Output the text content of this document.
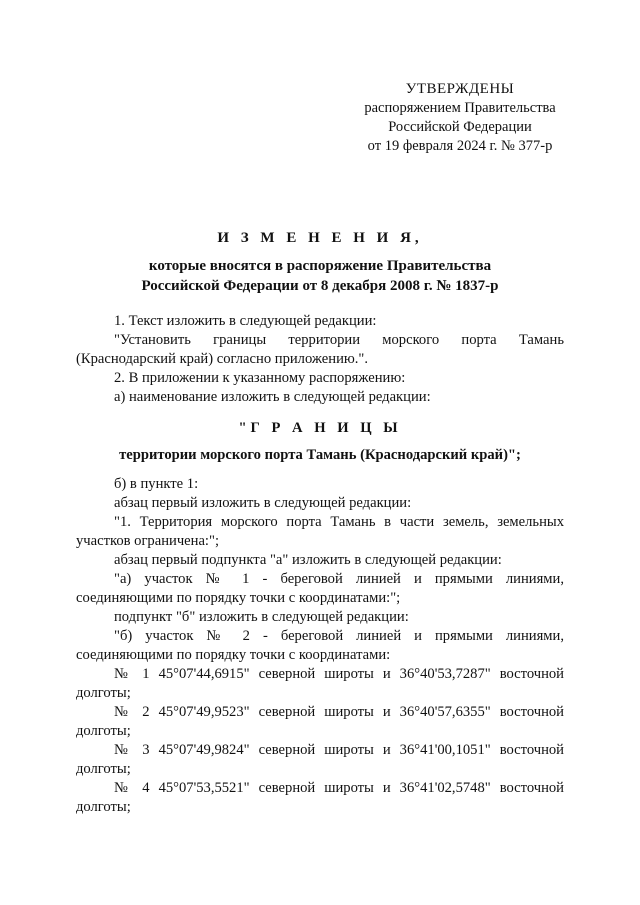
УТВЕРЖДЕНЫ
распоряжением Правительства
Российской Федерации
от 19 февраля 2024 г. № 377-р
И З М Е Н Е Н И Я,
которые вносятся в распоряжение Правительства
Российской Федерации от 8 декабря 2008 г. № 1837-р

1. Текст изложить в следующей редакции:

"Установить границы территории морского порта Тамань (Краснодарский край) согласно приложению.".

2. В приложении к указанному распоряжению:

а) наименование изложить в следующей редакции:

"Г Р А Н И Ц Ы

территории морского порта Тамань (Краснодарский край)";

б) в пункте 1:

абзац первый изложить в следующей редакции:

"1. Территория морского порта Тамань в части земель, земельных участков ограничена:";

абзац первый подпункта "а" изложить в следующей редакции:

"а) участок № 1 - береговой линией и прямыми линиями, соединяющими по порядку точки с координатами:";

подпункт "б" изложить в следующей редакции:

"б) участок № 2 - береговой линией и прямыми линиями, соединяющими по порядку точки с координатами:

№ 1 45°07'44,6915" северной широты и 36°40'53,7287" восточной долготы;

№ 2 45°07'49,9523" северной широты и 36°40'57,6355" восточной долготы;

№ 3 45°07'49,9824" северной широты и 36°41'00,1051" восточной долготы;

№ 4 45°07'53,5521" северной широты и 36°41'02,5748" восточной долготы;
